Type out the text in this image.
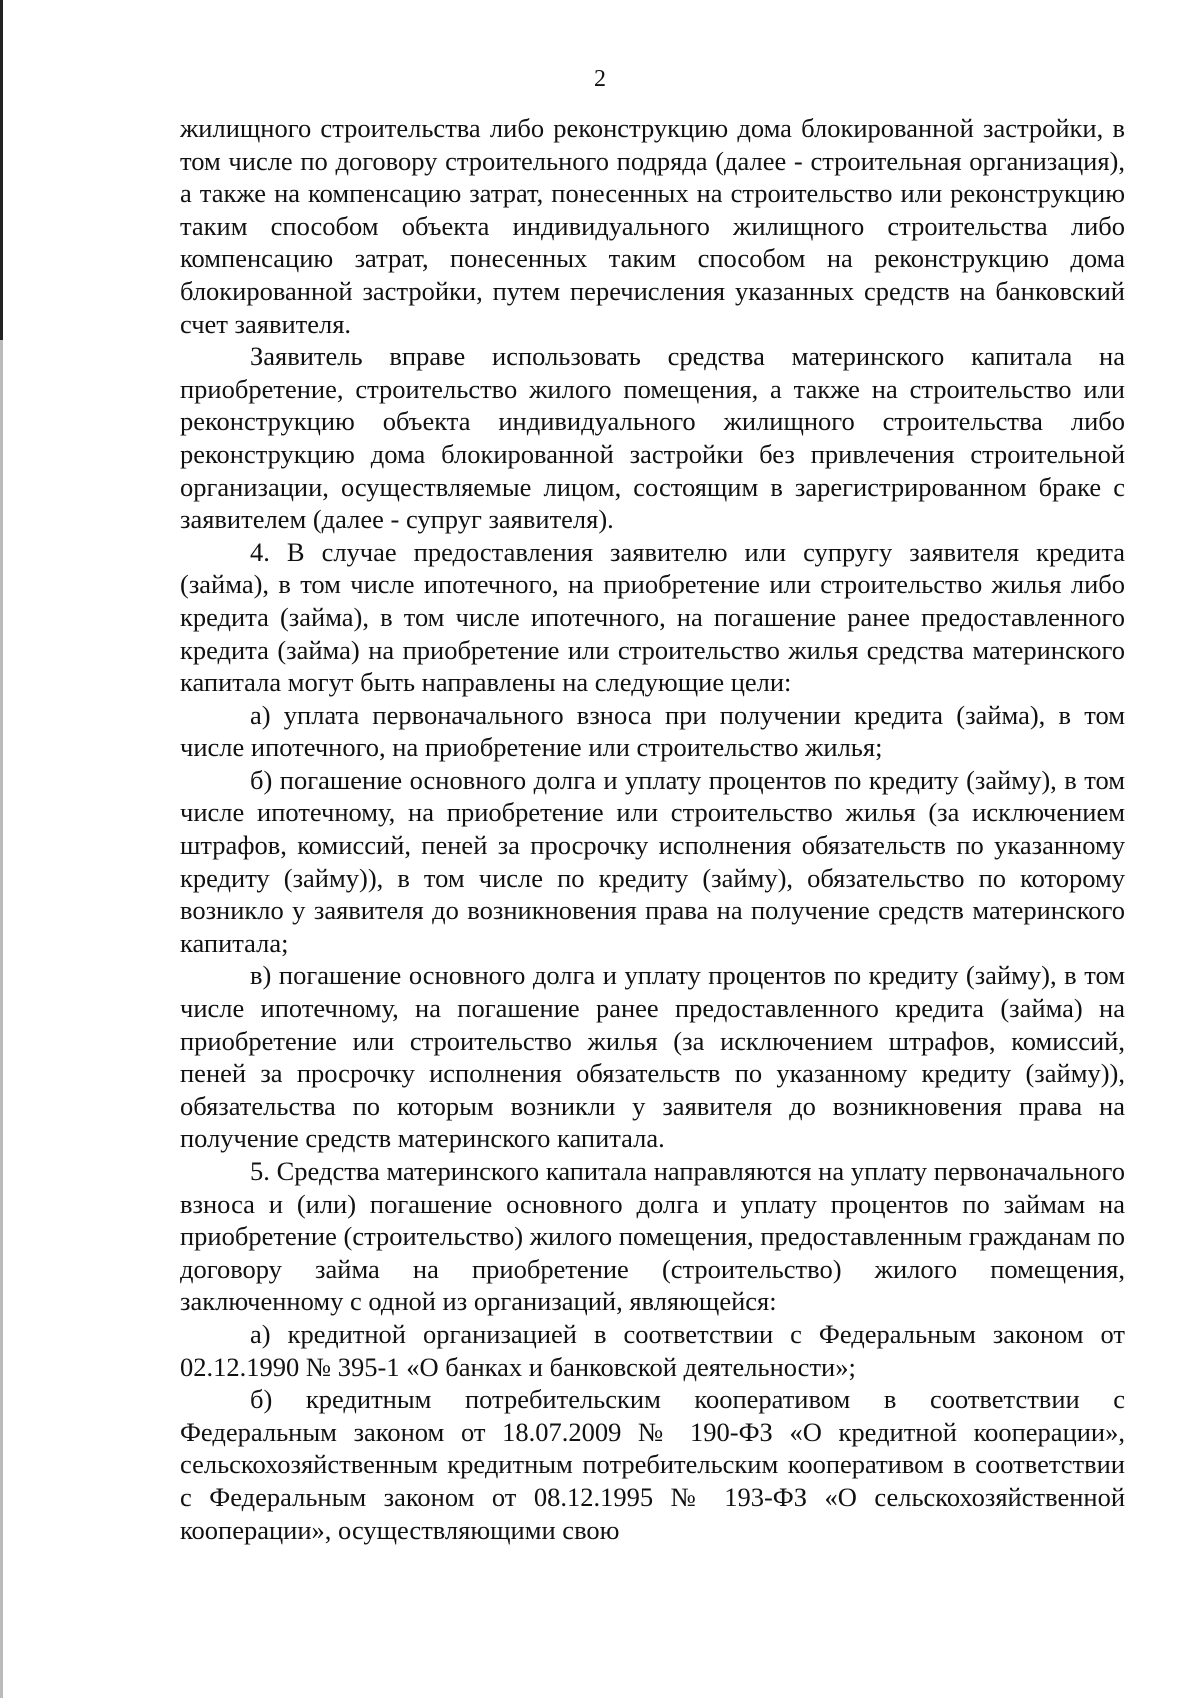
2

жилищного строительства либо реконструкцию дома блокированной застройки, в том числе по договору строительного подряда (далее - строительная организация), а также на компенсацию затрат, понесенных на строительство или реконструкцию таким способом объекта индивидуального жилищного строительства либо компенсацию затрат, понесенных таким способом на реконструкцию дома блокированной застройки, путем перечисления указанных средств на банковский счет заявителя.

Заявитель вправе использовать средства материнского капитала на приобретение, строительство жилого помещения, а также на строительство или реконструкцию объекта индивидуального жилищного строительства либо реконструкцию дома блокированной застройки без привлечения строительной организации, осуществляемые лицом, состоящим в зарегистрированном браке с заявителем (далее - супруг заявителя).

4. В случае предоставления заявителю или супругу заявителя кредита (займа), в том числе ипотечного, на приобретение или строительство жилья либо кредита (займа), в том числе ипотечного, на погашение ранее предоставленного кредита (займа) на приобретение или строительство жилья средства материнского капитала могут быть направлены на следующие цели:

а) уплата первоначального взноса при получении кредита (займа), в том числе ипотечного, на приобретение или строительство жилья;

б) погашение основного долга и уплату процентов по кредиту (займу), в том числе ипотечному, на приобретение или строительство жилья (за исключением штрафов, комиссий, пеней за просрочку исполнения обязательств по указанному кредиту (займу)), в том числе по кредиту (займу), обязательство по которому возникло у заявителя до возникновения права на получение средств материнского капитала;

в) погашение основного долга и уплату процентов по кредиту (займу), в том числе ипотечному, на погашение ранее предоставленного кредита (займа) на приобретение или строительство жилья (за исключением штрафов, комиссий, пеней за просрочку исполнения обязательств по указанному кредиту (займу)), обязательства по которым возникли у заявителя до возникновения права на получение средств материнского капитала.

5. Средства материнского капитала направляются на уплату первоначального взноса и (или) погашение основного долга и уплату процентов по займам на приобретение (строительство) жилого помещения, предоставленным гражданам по договору займа на приобретение (строительство) жилого помещения, заключенному с одной из организаций, являющейся:

а) кредитной организацией в соответствии с Федеральным законом от 02.12.1990 № 395-1 «О банках и банковской деятельности»;

б) кредитным потребительским кооперативом в соответствии с Федеральным законом от 18.07.2009 № 190-ФЗ «О кредитной кооперации», сельскохозяйственным кредитным потребительским кооперативом в соответствии с Федеральным законом от 08.12.1995 № 193-ФЗ «О сельскохозяйственной кооперации», осуществляющими свою
